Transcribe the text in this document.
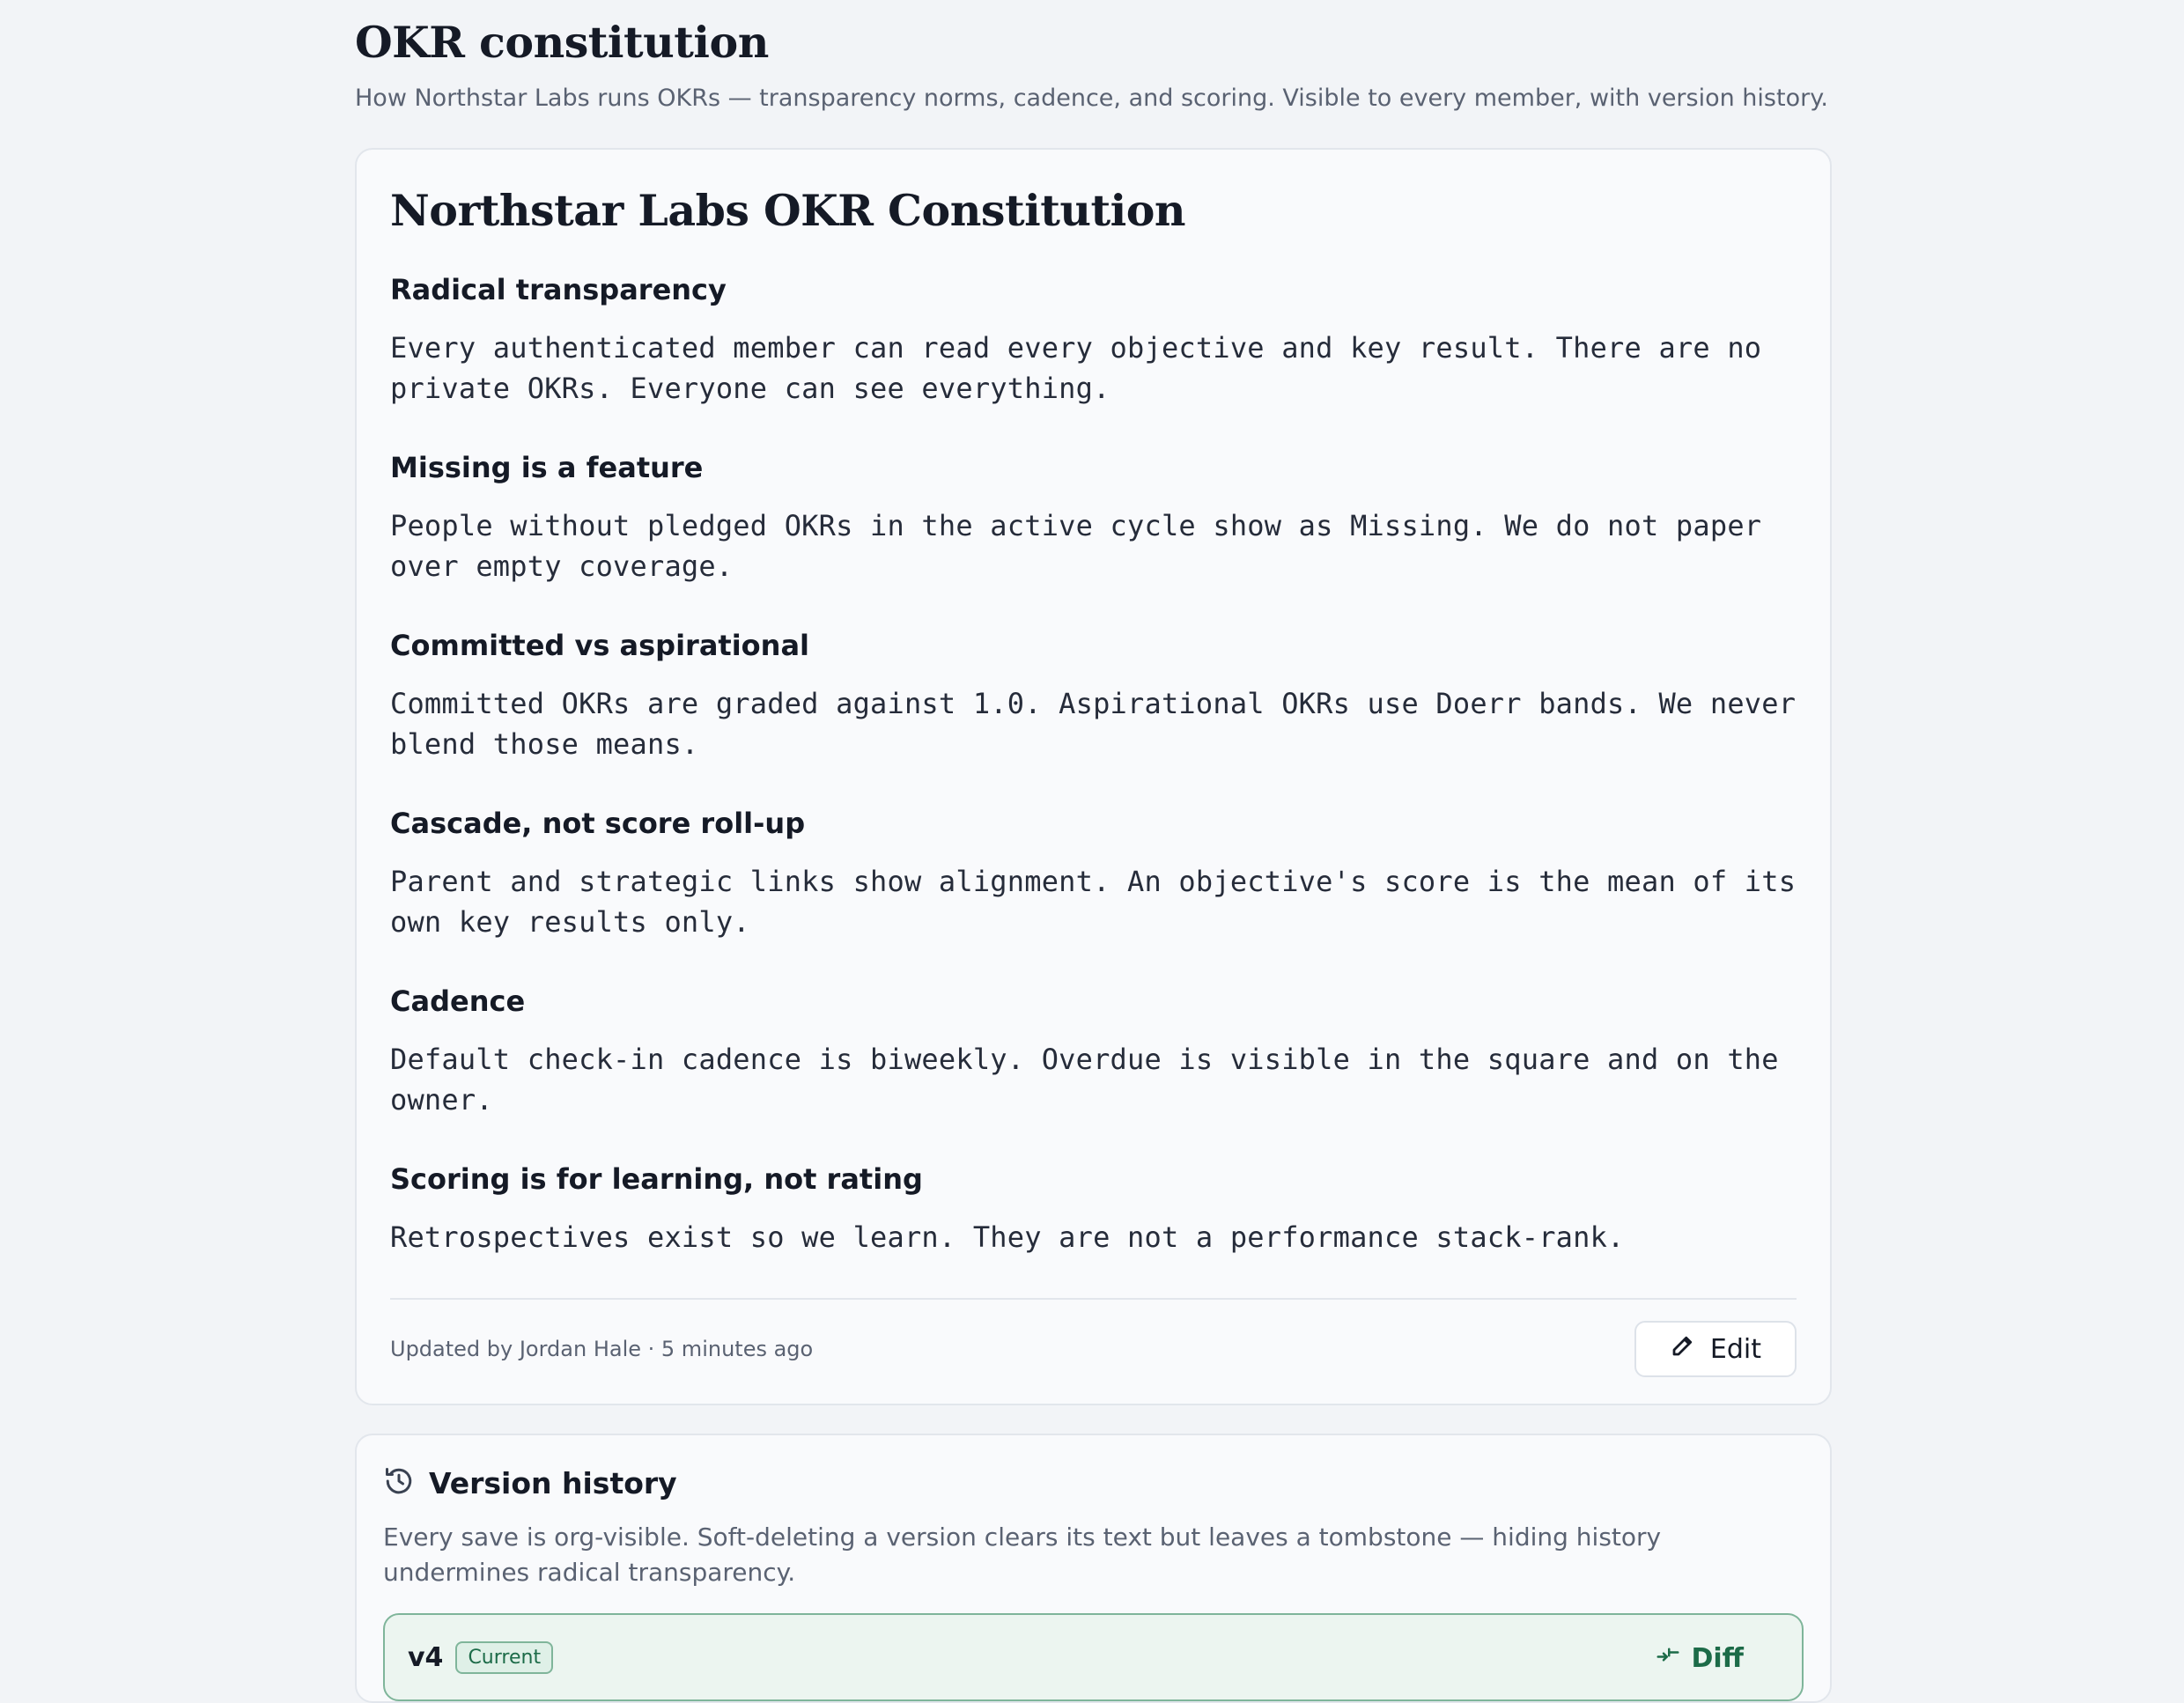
OKR constitution
How Northstar Labs runs OKRs — transparency norms, cadence, and scoring. Visible to every member, with version history.
Northstar Labs OKR Constitution
Radical transparency

Every authenticated member can read every objective and key result. There are no private OKRs. Everyone can see everything.

Missing is a feature

People without pledged OKRs in the active cycle show as Missing. We do not paper over empty coverage.

Committed vs aspirational

Committed OKRs are graded against 1.0. Aspirational OKRs use Doerr bands. We never blend those means.

Cascade, not score roll-up

Parent and strategic links show alignment. An objective's score is the mean of its own key results only.

Cadence

Default check-in cadence is biweekly. Overdue is visible in the square and on the owner.

Scoring is for learning, not rating

Retrospectives exist so we learn. They are not a performance stack-rank.

Updated by Jordan Hale · 5 minutes ago	Edit
Version history
Every save is org-visible. Soft-deleting a version clears its text but leaves a tombstone — hiding history undermines radical transparency.
v4	Current	Diff
